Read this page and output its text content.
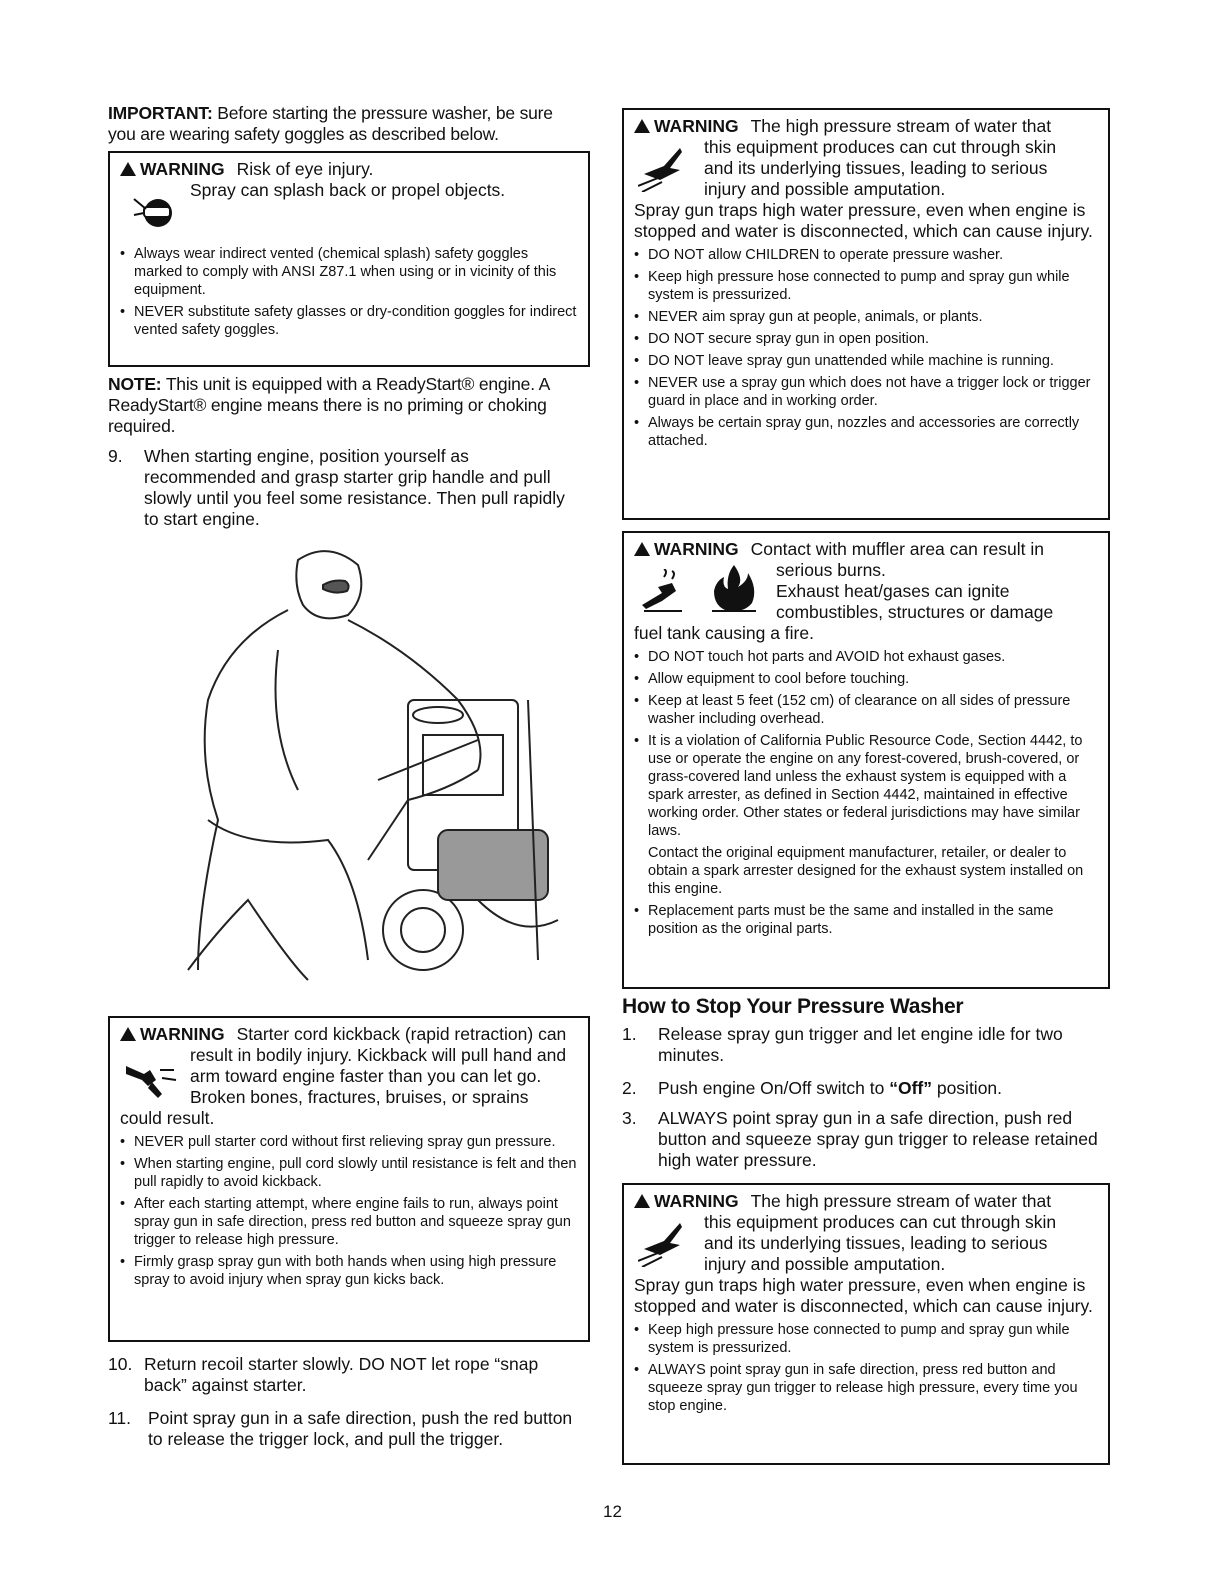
IMPORTANT: Before starting the pressure washer, be sure you are wearing safety goggles as described below.

WARNING Risk of eye injury.
Spray can splash back or propel objects.
• Always wear indirect vented (chemical splash) safety goggles marked to comply with ANSI Z87.1 when using or in vicinity of this equipment.
• NEVER substitute safety glasses or dry-condition goggles for indirect vented safety goggles.

NOTE: This unit is equipped with a ReadyStart® engine. A ReadyStart® engine means there is no priming or choking required.

9.	When starting engine, position yourself as recommended and grasp starter grip handle and pull slowly until you feel some resistance. Then pull rapidly to start engine.
WARNING Starter cord kickback (rapid retraction) can
result in bodily injury. Kickback will pull hand and
arm toward engine faster than you can let go.
Broken bones, fractures, bruises, or sprains
could result.
• NEVER pull starter cord without first relieving spray gun pressure.
• When starting engine, pull cord slowly until resistance is felt and then pull rapidly to avoid kickback.
• After each starting attempt, where engine fails to run, always point spray gun in safe direction, press red button and squeeze spray gun trigger to release high pressure.
• Firmly grasp spray gun with both hands when using high pressure spray to avoid injury when spray gun kicks back.
10. Return recoil starter slowly. DO NOT let rope “snap
back” against starter.
11. Point spray gun in a safe direction, push the red button
to release the trigger lock, and pull the trigger.
WARNING The high pressure stream of water that
this equipment produces can cut through skin
and its underlying tissues, leading to serious
injury and possible amputation.
Spray gun traps high water pressure, even when engine is stopped and water is disconnected, which can cause injury.
• DO NOT allow CHILDREN to operate pressure washer.
• Keep high pressure hose connected to pump and spray gun while system is pressurized.
• NEVER aim spray gun at people, animals, or plants.
• DO NOT secure spray gun in open position.
• DO NOT leave spray gun unattended while machine is running.
• NEVER use a spray gun which does not have a trigger lock or trigger guard in place and in working order.
• Always be certain spray gun, nozzles and accessories are correctly attached.
WARNING Contact with muffler area can result in
serious burns.
Exhaust heat/gases can ignite
combustibles, structures or damage
fuel tank causing a fire.
• DO NOT touch hot parts and AVOID hot exhaust gases.
• Allow equipment to cool before touching.
• Keep at least 5 feet (152 cm) of clearance on all sides of pressure washer including overhead.
• It is a violation of California Public Resource Code, Section 4442, to use or operate the engine on any forest-covered, brush-covered, or grass-covered land unless the exhaust system is equipped with a spark arrester, as defined in Section 4442, maintained in effective working order. Other states or federal jurisdictions may have similar laws.
Contact the original equipment manufacturer, retailer, or dealer to obtain a spark arrester designed for the exhaust system installed on this engine.
• Replacement parts must be the same and installed in the same position as the original parts.
How to Stop Your Pressure Washer
1.	Release spray gun trigger and let engine idle for two
minutes.
2.	Push engine On/Off switch to “Off” position.
3.	ALWAYS point spray gun in a safe direction, push red
button and squeeze spray gun trigger to release retained
high water pressure.
WARNING The high pressure stream of water that
this equipment produces can cut through skin
and its underlying tissues, leading to serious
injury and possible amputation.
Spray gun traps high water pressure, even when engine is stopped and water is disconnected, which can cause injury.
• Keep high pressure hose connected to pump and spray gun while system is pressurized.
• ALWAYS point spray gun in safe direction, press red button and squeeze spray gun trigger to release high pressure, every time you stop engine.
12
